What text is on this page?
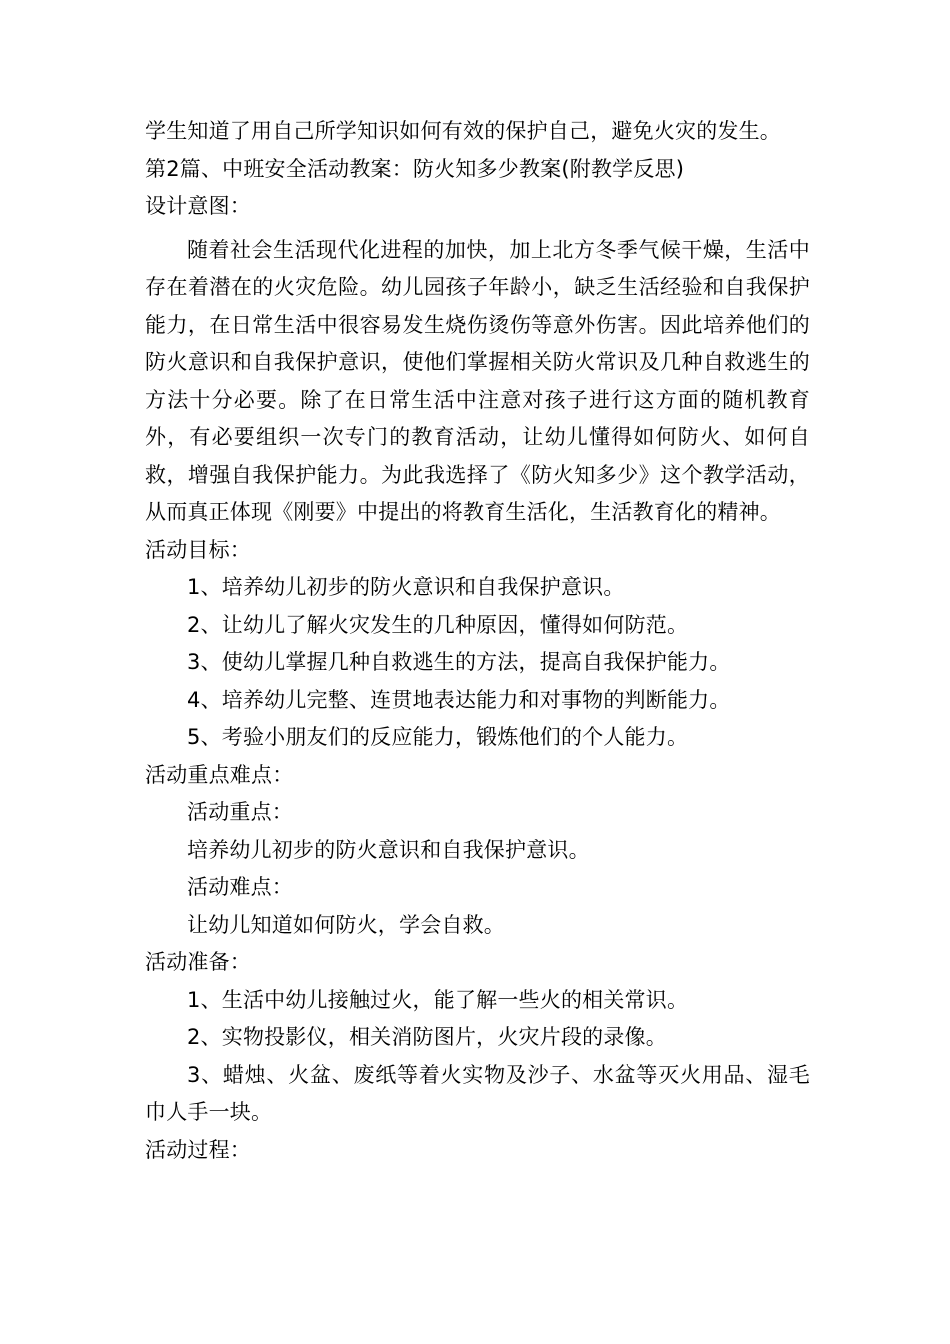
学生知道了用自己所学知识如何有效的保护自己，避免火灾的发生。
第2篇、中班安全活动教案：防火知多少教案(附教学反思)
设计意图：

随着社会生活现代化进程的加快，加上北方冬季气候干燥，生活中存在着潜在的火灾危险。幼儿园孩子年龄小，缺乏生活经验和自我保护能力，在日常生活中很容易发生烧伤烫伤等意外伤害。因此培养他们的防火意识和自我保护意识，使他们掌握相关防火常识及几种自救逃生的方法十分必要。除了在日常生活中注意对孩子进行这方面的随机教育外，有必要组织一次专门的教育活动，让幼儿懂得如何防火、如何自救，增强自我保护能力。为此我选择了《防火知多少》这个教学活动，从而真正体现《刚要》中提出的将教育生活化，生活教育化的精神。

活动目标：
1、培养幼儿初步的防火意识和自我保护意识。
2、让幼儿了解火灾发生的几种原因，懂得如何防范。
3、使幼儿掌握几种自救逃生的方法，提高自我保护能力。
4、培养幼儿完整、连贯地表达能力和对事物的判断能力。
5、考验小朋友们的反应能力，锻炼他们的个人能力。
活动重点难点：
活动重点：
培养幼儿初步的防火意识和自我保护意识。
活动难点：
让幼儿知道如何防火，学会自救。
活动准备：
1、生活中幼儿接触过火，能了解一些火的相关常识。
2、实物投影仪，相关消防图片，火灾片段的录像。

3、蜡烛、火盆、废纸等着火实物及沙子、水盆等灭火用品、湿毛巾人手一块。

活动过程：
